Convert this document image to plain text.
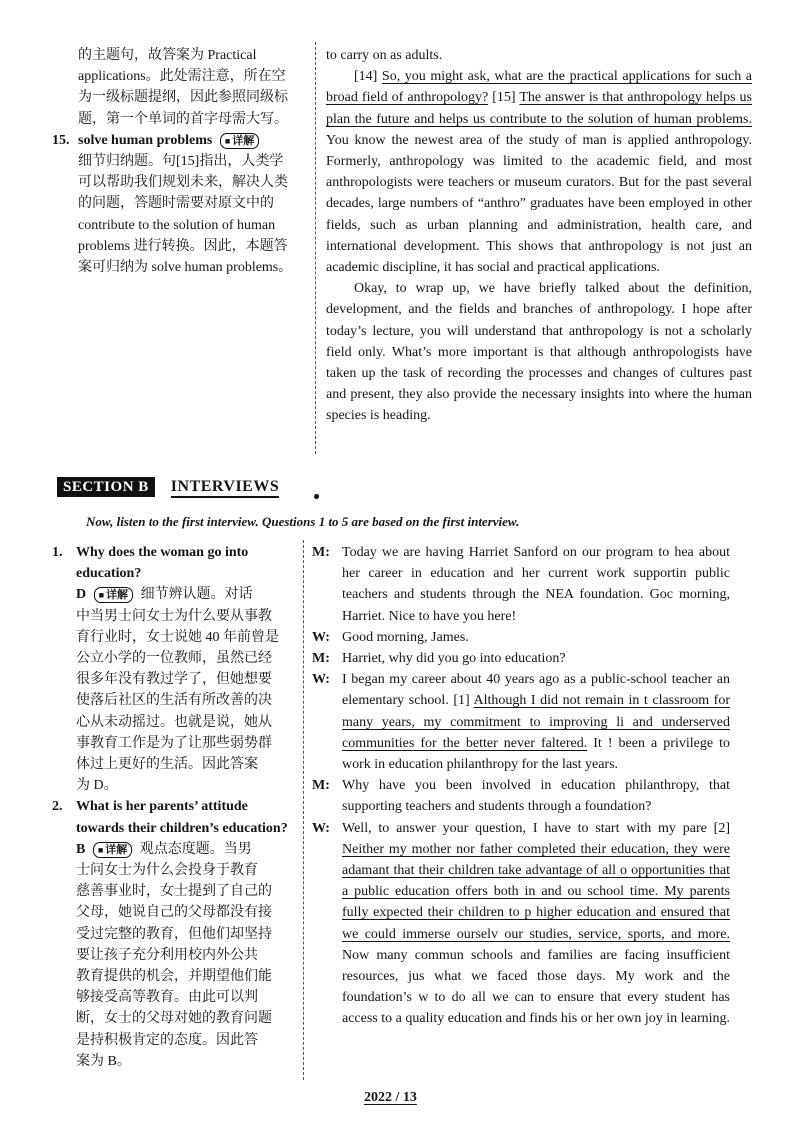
的主题句，故答案为 Practical
applications。此处需注意，所在空
为一级标题提纲，因此参照同级标
题，第一个单词的首字母需大写。
15. solve human problems ■ 详解
细节归纳题。句[15]指出，人类学
可以帮助我们规划未来，解决人类
的问题，答题时需要对原文中的
contribute to the solution of human
problems 进行转换。因此，本题答
案可归纳为 solve human problems。

to carry on as adults.

[14] So, you might ask, what are the practical applications for such a broad field of anthropology? [15] The answer is that anthropology helps us plan the future and helps us contribute to the solution of human problems. You know the newest area of the study of man is applied anthropology. Formerly, anthropology was limited to the academic field, and most anthropologists were teachers or museum curators. But for the past several decades, large numbers of “anthro” graduates have been employed in other fields, such as urban planning and administration, health care, and international development. This shows that anthropology is not just an academic discipline, it has social and practical applications.

Okay, to wrap up, we have briefly talked about the definition, development, and the fields and branches of anthropology. I hope after today’s lecture, you will understand that anthropology is not a scholarly field only. What’s more important is that although anthropologists have taken up the task of recording the processes and changes of cultures past and present, they also provide the necessary insights into where the human species is heading.

SECTION B INTERVIEWS
Now, listen to the first interview. Questions 1 to 5 are based on the first interview.
1. Why does the woman go into education?
D ■ 详解 细节辨认题。对话
中当男士问女士为什么要从事教
育行业时，女士说她 40 年前曾是
公立小学的一位教师，虽然已经
很多年没有教过学了，但她想要
使落后社区的生活有所改善的决
心从未动摇过。也就是说，她从
事教育工作是为了让那些弱势群
体过上更好的生活。因此答案
为 D。
2. What is her parents’ attitude towards their children’s education?
B ■ 详解 观点态度题。当男
士问女士为什么会投身于教育
慈善事业时，女士提到了自己的
父母，她说自己的父母都没有接
受过完整的教育，但他们却坚持
要让孩子充分利用校内外公共
教育提供的机会，并期望他们能
够接受高等教育。由此可以判
断，女士的父母对她的教育问题
是持积极肯定的态度。因此答
案为 B。
M: Today we are having Harriet Sanford on our program to hea about her career in education and her current work supportin public teachers and students through the NEA foundation. Goc morning, Harriet. Nice to have you here!
W: Good morning, James.
M: Harriet, why did you go into education?
W: I began my career about 40 years ago as a public-school teacher an elementary school. [1] Although I did not remain in t classroom for many years, my commitment to improving li and underserved communities for the better never faltered. It ! been a privilege to work in education philanthropy for the last years.
M: Why have you been involved in education philanthropy, that supporting teachers and students through a foundation?
W: Well, to answer your question, I have to start with my pare [2] Neither my mother nor father completed their education, they were adamant that their children take advantage of all o opportunities that a public education offers both in and ou school time. My parents fully expected their children to p higher education and ensured that we could immerse ourselv our studies, service, sports, and more. Now many commun schools and families are facing insufficient resources, jus what we faced those days. My work and the foundation’s w to do all we can to ensure that every student has access to a quality education and finds his or her own joy in learning.
2022 / 13
